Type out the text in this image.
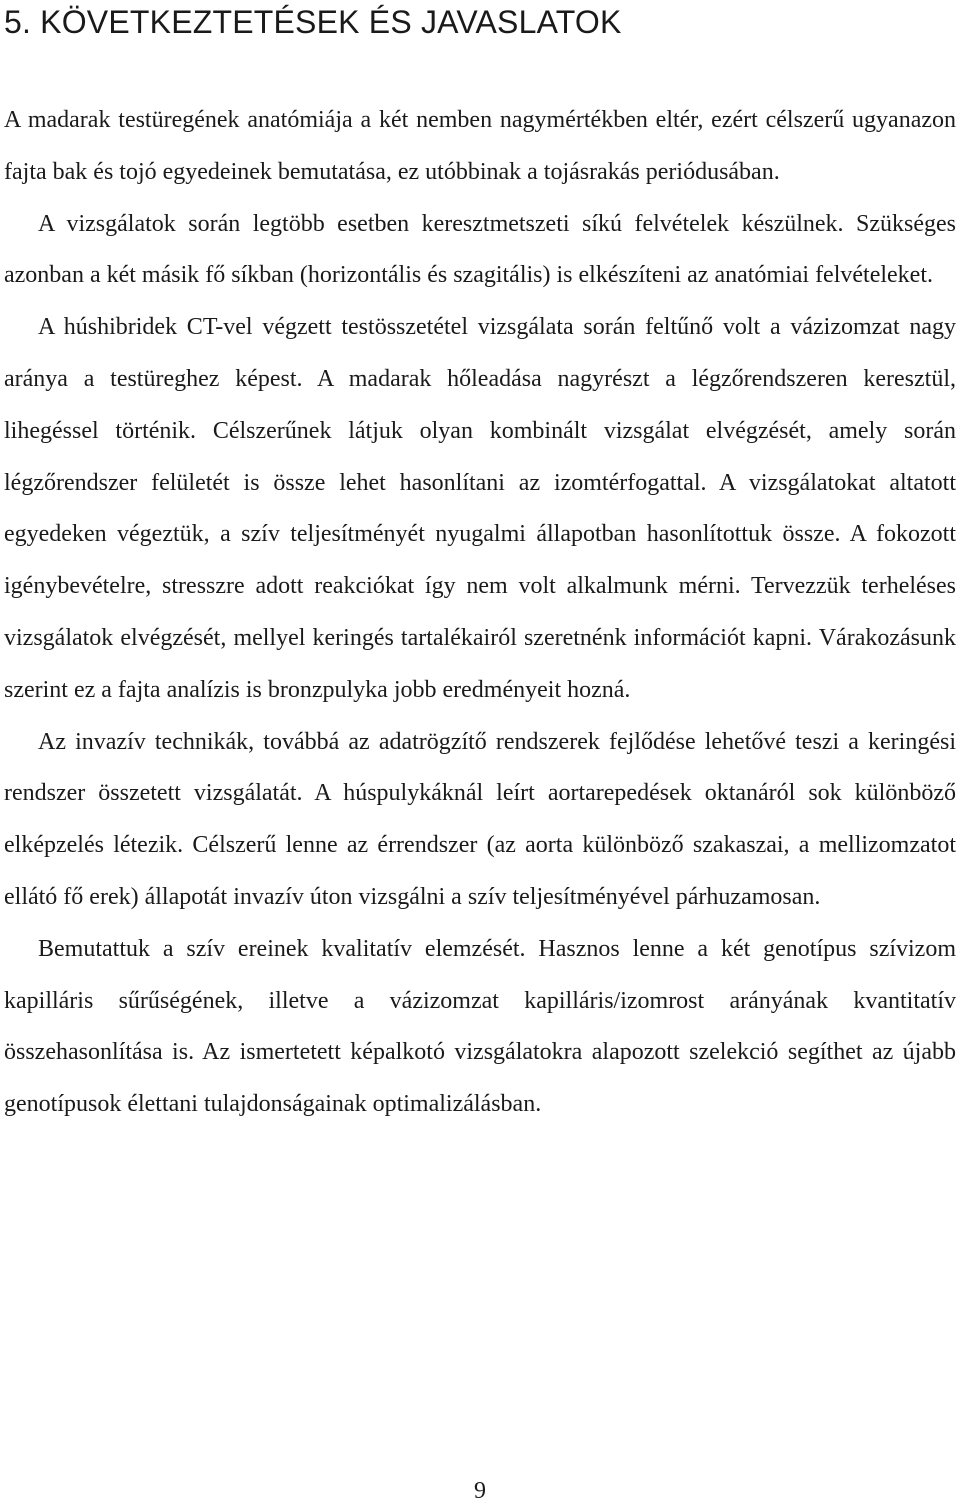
5. KÖVETKEZTETÉSEK ÉS JAVASLATOK

A madarak testüregének anatómiája a két nemben nagymértékben eltér, ezért célszerű ugyanazon fajta bak és tojó egyedeinek bemutatása, ez utóbbinak a tojásrakás periódusában.

A vizsgálatok során legtöbb esetben keresztmetszeti síkú felvételek készülnek. Szükséges azonban a két másik fő síkban (horizontális és szagitális) is elkészíteni az anatómiai felvételeket.

A húshibridek CT-vel végzett testösszetétel vizsgálata során feltűnő volt a vázizomzat nagy aránya a testüreghez képest. A madarak hőleadása nagyrészt a légzőrendszeren keresztül, lihegéssel történik. Célszerűnek látjuk olyan kombinált vizsgálat elvégzését, amely során légzőrendszer felületét is össze lehet hasonlítani az izomtérfogattal. A vizsgálatokat altatott egyedeken végeztük, a szív teljesítményét nyugalmi állapotban hasonlítottuk össze. A fokozott igénybevételre, stresszre adott reakciókat így nem volt alkalmunk mérni. Tervezzük terheléses vizsgálatok elvégzését, mellyel keringés tartalékairól szeretnénk információt kapni. Várakozásunk szerint ez a fajta analízis is bronzpulyka jobb eredményeit hozná.

Az invazív technikák, továbbá az adatrögzítő rendszerek fejlődése lehetővé teszi a keringési rendszer összetett vizsgálatát. A húspulykáknál leírt aortarepedések oktanáról sok különböző elképzelés létezik. Célszerű lenne az érrendszer (az aorta különböző szakaszai, a mellizomzatot ellátó fő erek) állapotát invazív úton vizsgálni a szív teljesítményével párhuzamosan.

Bemutattuk a szív ereinek kvalitatív elemzését. Hasznos lenne a két genotípus szívizom kapilláris sűrűségének, illetve a vázizomzat kapilláris/izomrost arányának kvantitatív összehasonlítása is. Az ismertetett képalkotó vizsgálatokra alapozott szelekció segíthet az újabb genotípusok élettani tulajdonságainak optimalizálásban.

9
